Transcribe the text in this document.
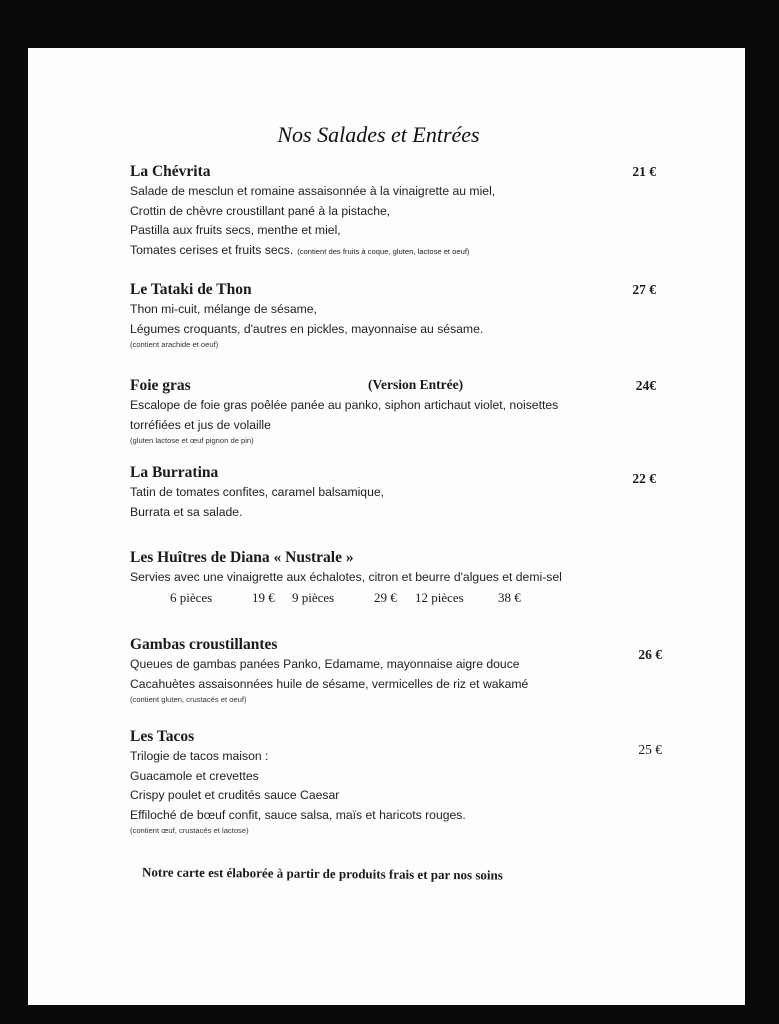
Nos Salades et Entrées
La Chévrita	21 €
Salade de mesclun et romaine assaisonnée à la vinaigrette au miel,
Crottin de chèvre croustillant pané à la pistache,
Pastilla aux fruits secs, menthe et miel,
Tomates cerises et fruits secs. (contient des fruits à coque, gluten, lactose et oeuf)
Le Tataki de Thon	27 €
Thon mi-cuit, mélange de sésame,
Légumes croquants, d'autres en pickles, mayonnaise au sésame.
(contient arachide et oeuf)
Foie gras	(Version Entrée)	24€
Escalope de foie gras poêlée panée au panko, siphon artichaut violet, noisettes
torréfiées et jus de volaille
(gluten lactose et œuf pignon de pin)
La Burratina	22 €
Tatin de tomates confites, caramel balsamique,
Burrata et sa salade.
Les Huîtres de Diana « Nustrale »
Servies avec une vinaigrette aux échalotes, citron et beurre d'algues et demi-sel
6 pièces	19 € 9 pièces	29 € 12 pièces	38 €
Gambas croustillantes
26 €
Queues de gambas panées Panko, Edamame, mayonnaise aigre douce
Cacahuètes assaisonnées huile de sésame, vermicelles de riz et wakamé
(contient gluten, crustacés et oeuf)
Les Tacos
25 €
Trilogie de tacos maison :
Guacamole et crevettes
Crispy poulet et crudités sauce Caesar
Effiloché de bœuf confit, sauce salsa, maïs et haricots rouges.
(contient œuf, crustacés et lactose)
Notre carte est élaborée à partir de produits frais et par nos soins
